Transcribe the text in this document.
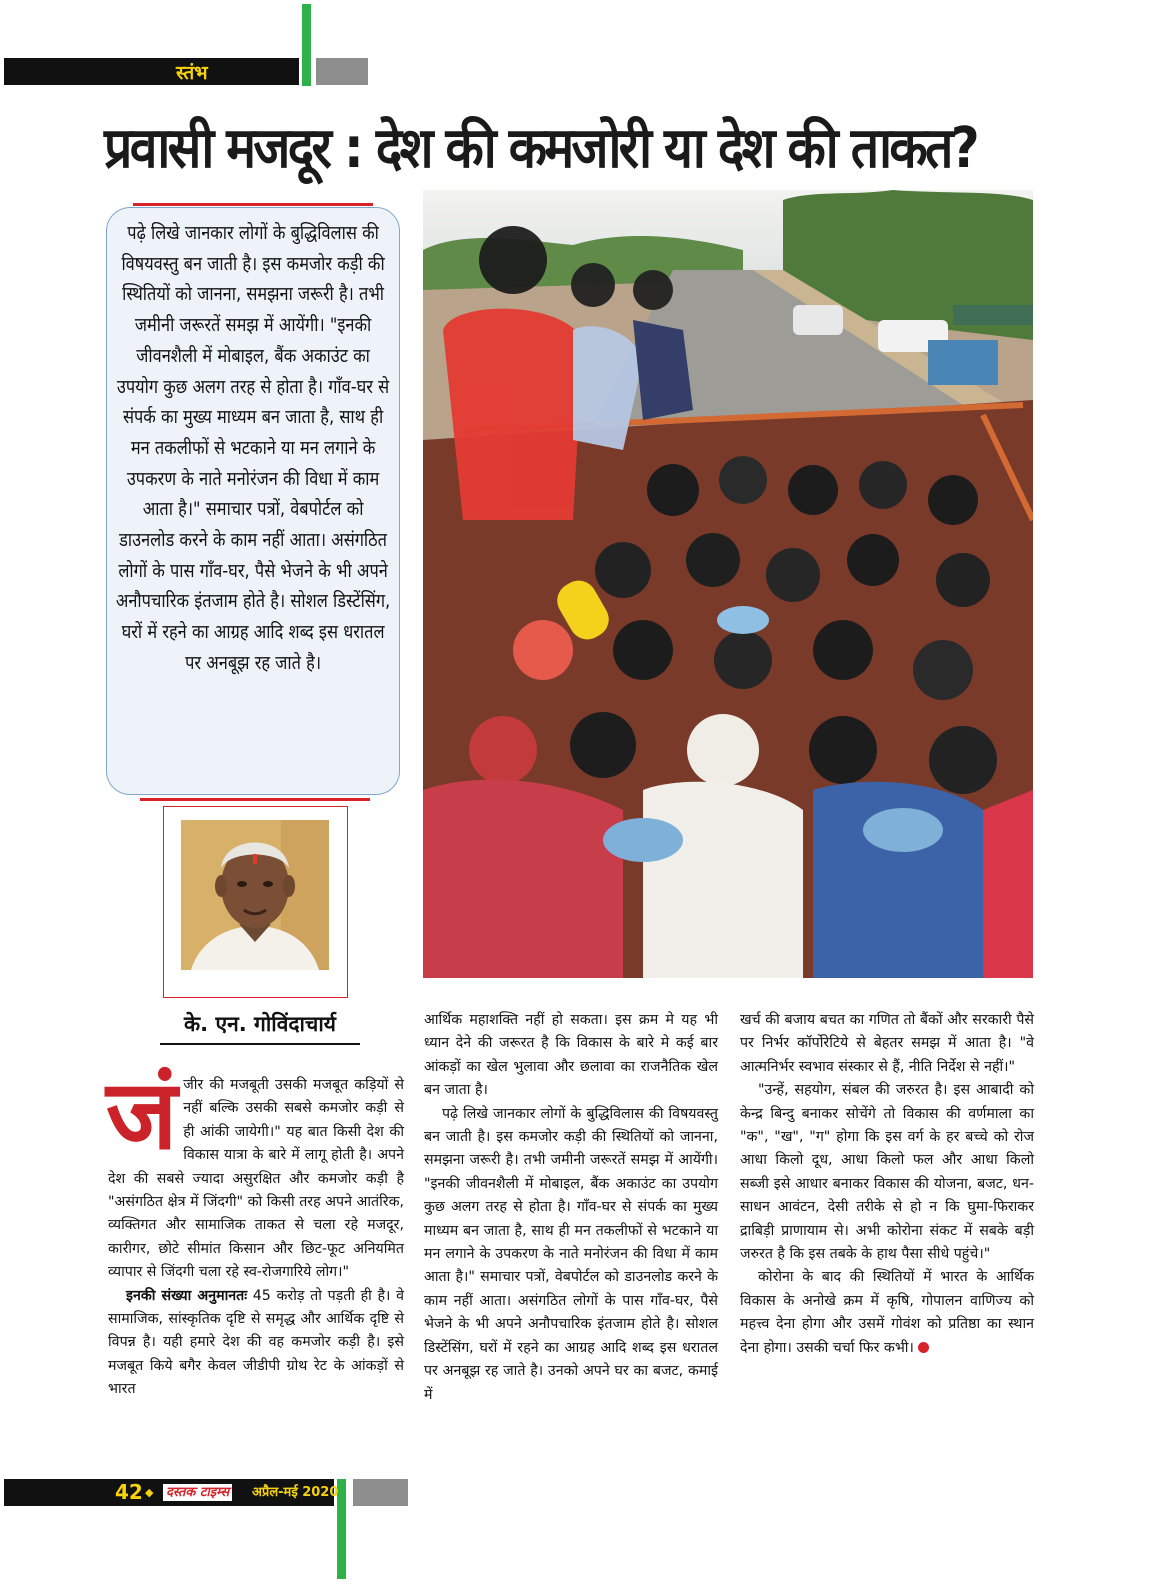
स्तंभ
प्रवासी मजदूर : देश की कमजोरी या देश की ताकत?
पढ़े लिखे जानकार लोगों के बुद्धिविलास की विषयवस्तु बन जाती है। इस कमजोर कड़ी की स्थितियों को जानना, समझना जरूरी है। तभी जमीनी जरूरतें समझ में आयेंगी। "इनकी जीवनशैली में मोबाइल, बैंक अकाउंट का उपयोग कुछ अलग तरह से होता है। गाँव-घर से संपर्क का मुख्य माध्यम बन जाता है, साथ ही मन तकलीफों से भटकाने या मन लगाने के उपकरण के नाते मनोरंजन की विधा में काम आता है।" समाचार पत्रों, वेबपोर्टल को डाउनलोड करने के काम नहीं आता। असंगठित लोगों के पास गाँव-घर, पैसे भेजने के भी अपने अनौपचारिक इंतजाम होते है। सोशल डिस्टेंसिंग, घरों में रहने का आग्रह आदि शब्द इस धरातल पर अनबूझ रह जाते है।
के. एन. गोविंदाचार्य

जंजीर की मजबूती उसकी मजबूत कड़ियों से नहीं बल्कि उसकी सबसे कमजोर कड़ी से ही आंकी जायेगी।" यह बात किसी देश की विकास यात्रा के बारे में लागू होती है। अपने देश की सबसे ज्यादा असुरक्षित और कमजोर कड़ी है "असंगठित क्षेत्र में जिंदगी" को किसी तरह अपने आतंरिक, व्यक्तिगत और सामाजिक ताकत से चला रहे मजदूर, कारीगर, छोटे सीमांत किसान और छिट-फूट अनियमित व्यापार से जिंदगी चला रहे स्व-रोजगारिये लोग।"

इनकी संख्या अनुमानतः 45 करोड़ तो पड़ती ही है। वे सामाजिक, सांस्कृतिक दृष्टि से समृद्ध और आर्थिक दृष्टि से विपन्न है। यही हमारे देश की वह कमजोर कड़ी है। इसे मजबूत किये बगैर केवल जीडीपी ग्रोथ रेट के आंकड़ों से भारत

आर्थिक महाशक्ति नहीं हो सकता। इस क्रम मे यह भी ध्यान देने की जरूरत है कि विकास के बारे मे कई बार आंकड़ों का खेल भुलावा और छलावा का राजनैतिक खेल बन जाता है।

पढ़े लिखे जानकार लोगों के बुद्धिविलास की विषयवस्तु बन जाती है। इस कमजोर कड़ी की स्थितियों को जानना, समझना जरूरी है। तभी जमीनी जरूरतें समझ में आयेंगी। "इनकी जीवनशैली में मोबाइल, बैंक अकाउंट का उपयोग कुछ अलग तरह से होता है। गाँव-घर से संपर्क का मुख्य माध्यम बन जाता है, साथ ही मन तकलीफों से भटकाने या मन लगाने के उपकरण के नाते मनोरंजन की विधा में काम आता है।" समाचार पत्रों, वेबपोर्टल को डाउनलोड करने के काम नहीं आता। असंगठित लोगों के पास गाँव-घर, पैसे भेजने के भी अपने अनौपचारिक इंतजाम होते है। सोशल डिस्टेंसिंग, घरों में रहने का आग्रह आदि शब्द इस धरातल पर अनबूझ रह जाते है। उनको अपने घर का बजट, कमाई में

खर्च की बजाय बचत का गणित तो बैंकों और सरकारी पैसे पर निर्भर कॉर्पोरेटिये से बेहतर समझ में आता है। "वे आत्मनिर्भर स्वभाव संस्कार से हैं, नीति निर्देश से नहीं।"

"उन्हें, सहयोग, संबल की जरुरत है। इस आबादी को केन्द्र बिन्दु बनाकर सोचेंगे तो विकास की वर्णमाला का "क", "ख", "ग" होगा कि इस वर्ग के हर बच्चे को रोज आधा किलो दूध, आधा किलो फल और आधा किलो सब्जी इसे आधार बनाकर विकास की योजना, बजट, धन-साधन आवंटन, देसी तरीके से हो न कि घुमा-फिराकर द्राबिड़ी प्राणायाम से। अभी कोरोना संकट में सबके बड़ी जरुरत है कि इस तबके के हाथ पैसा सीधे पहुंचे।"

कोरोना के बाद की स्थितियों में भारत के आर्थिक विकास के अनोखे क्रम में कृषि, गोपालन वाणिज्य को महत्त्व देना होगा और उसमें गोवंश को प्रतिष्ठा का स्थान देना होगा। उसकी चर्चा फिर कभी।

42 ◆ दस्तक टाइम्स अप्रैल-मई 2020
